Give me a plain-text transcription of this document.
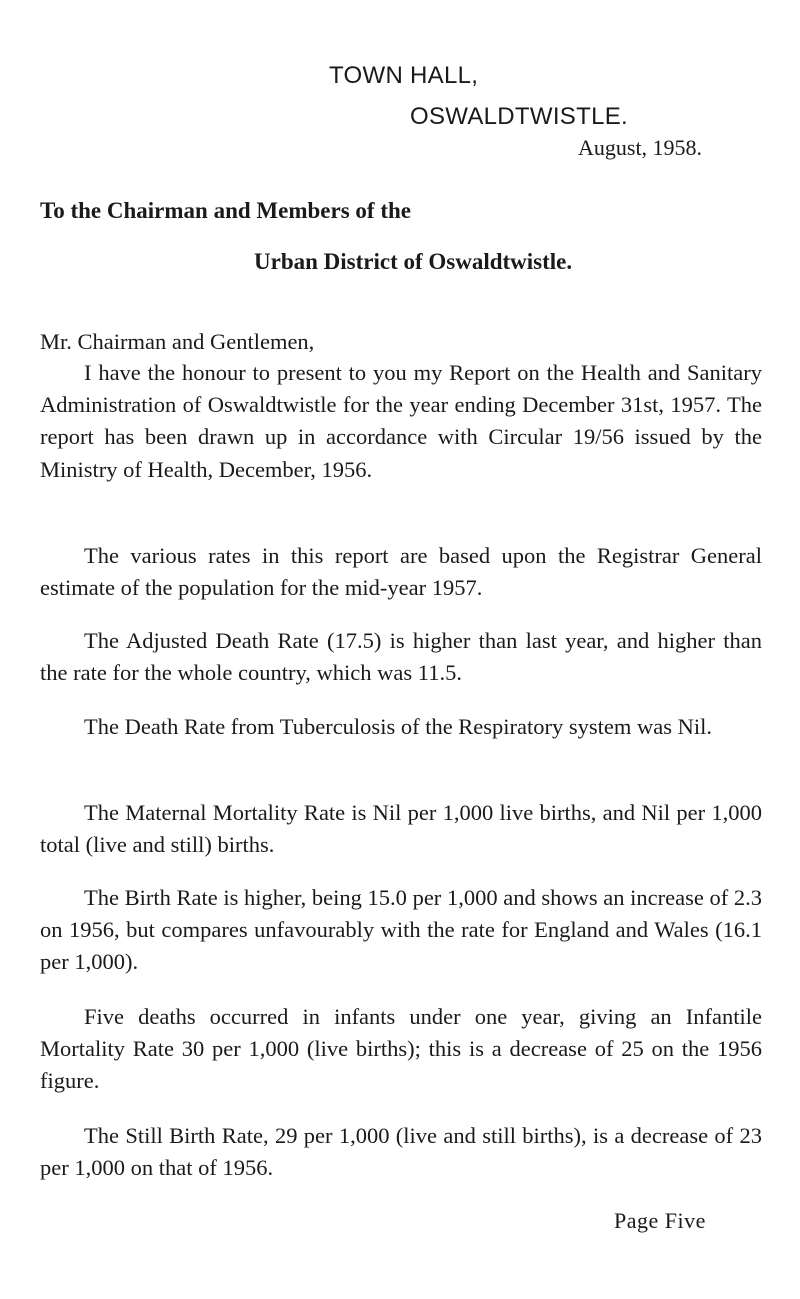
TOWN HALL,

OSWALDTWISTLE.

August, 1958.

To the Chairman and Members of the

Urban District of Oswaldtwistle.

Mr. Chairman and Gentlemen,

I have the honour to present to you my Report on the Health and Sanitary Administration of Oswaldtwistle for the year ending December 31st, 1957. The report has been drawn up in accordance with Circular 19/56 issued by the Ministry of Health, December, 1956.

The various rates in this report are based upon the Registrar General estimate of the population for the mid-year 1957.

The Adjusted Death Rate (17.5) is higher than last year, and higher than the rate for the whole country, which was 11.5.

The Death Rate from Tuberculosis of the Respiratory system was Nil.

The Maternal Mortality Rate is Nil per 1,000 live births, and Nil per 1,000 total (live and still) births.

The Birth Rate is higher, being 15.0 per 1,000 and shows an increase of 2.3 on 1956, but compares unfavourably with the rate for England and Wales (16.1 per 1,000).

Five deaths occurred in infants under one year, giving an Infantile Mortality Rate 30 per 1,000 (live births); this is a decrease of 25 on the 1956 figure.

The Still Birth Rate, 29 per 1,000 (live and still births), is a decrease of 23 per 1,000 on that of 1956.

Page Five
